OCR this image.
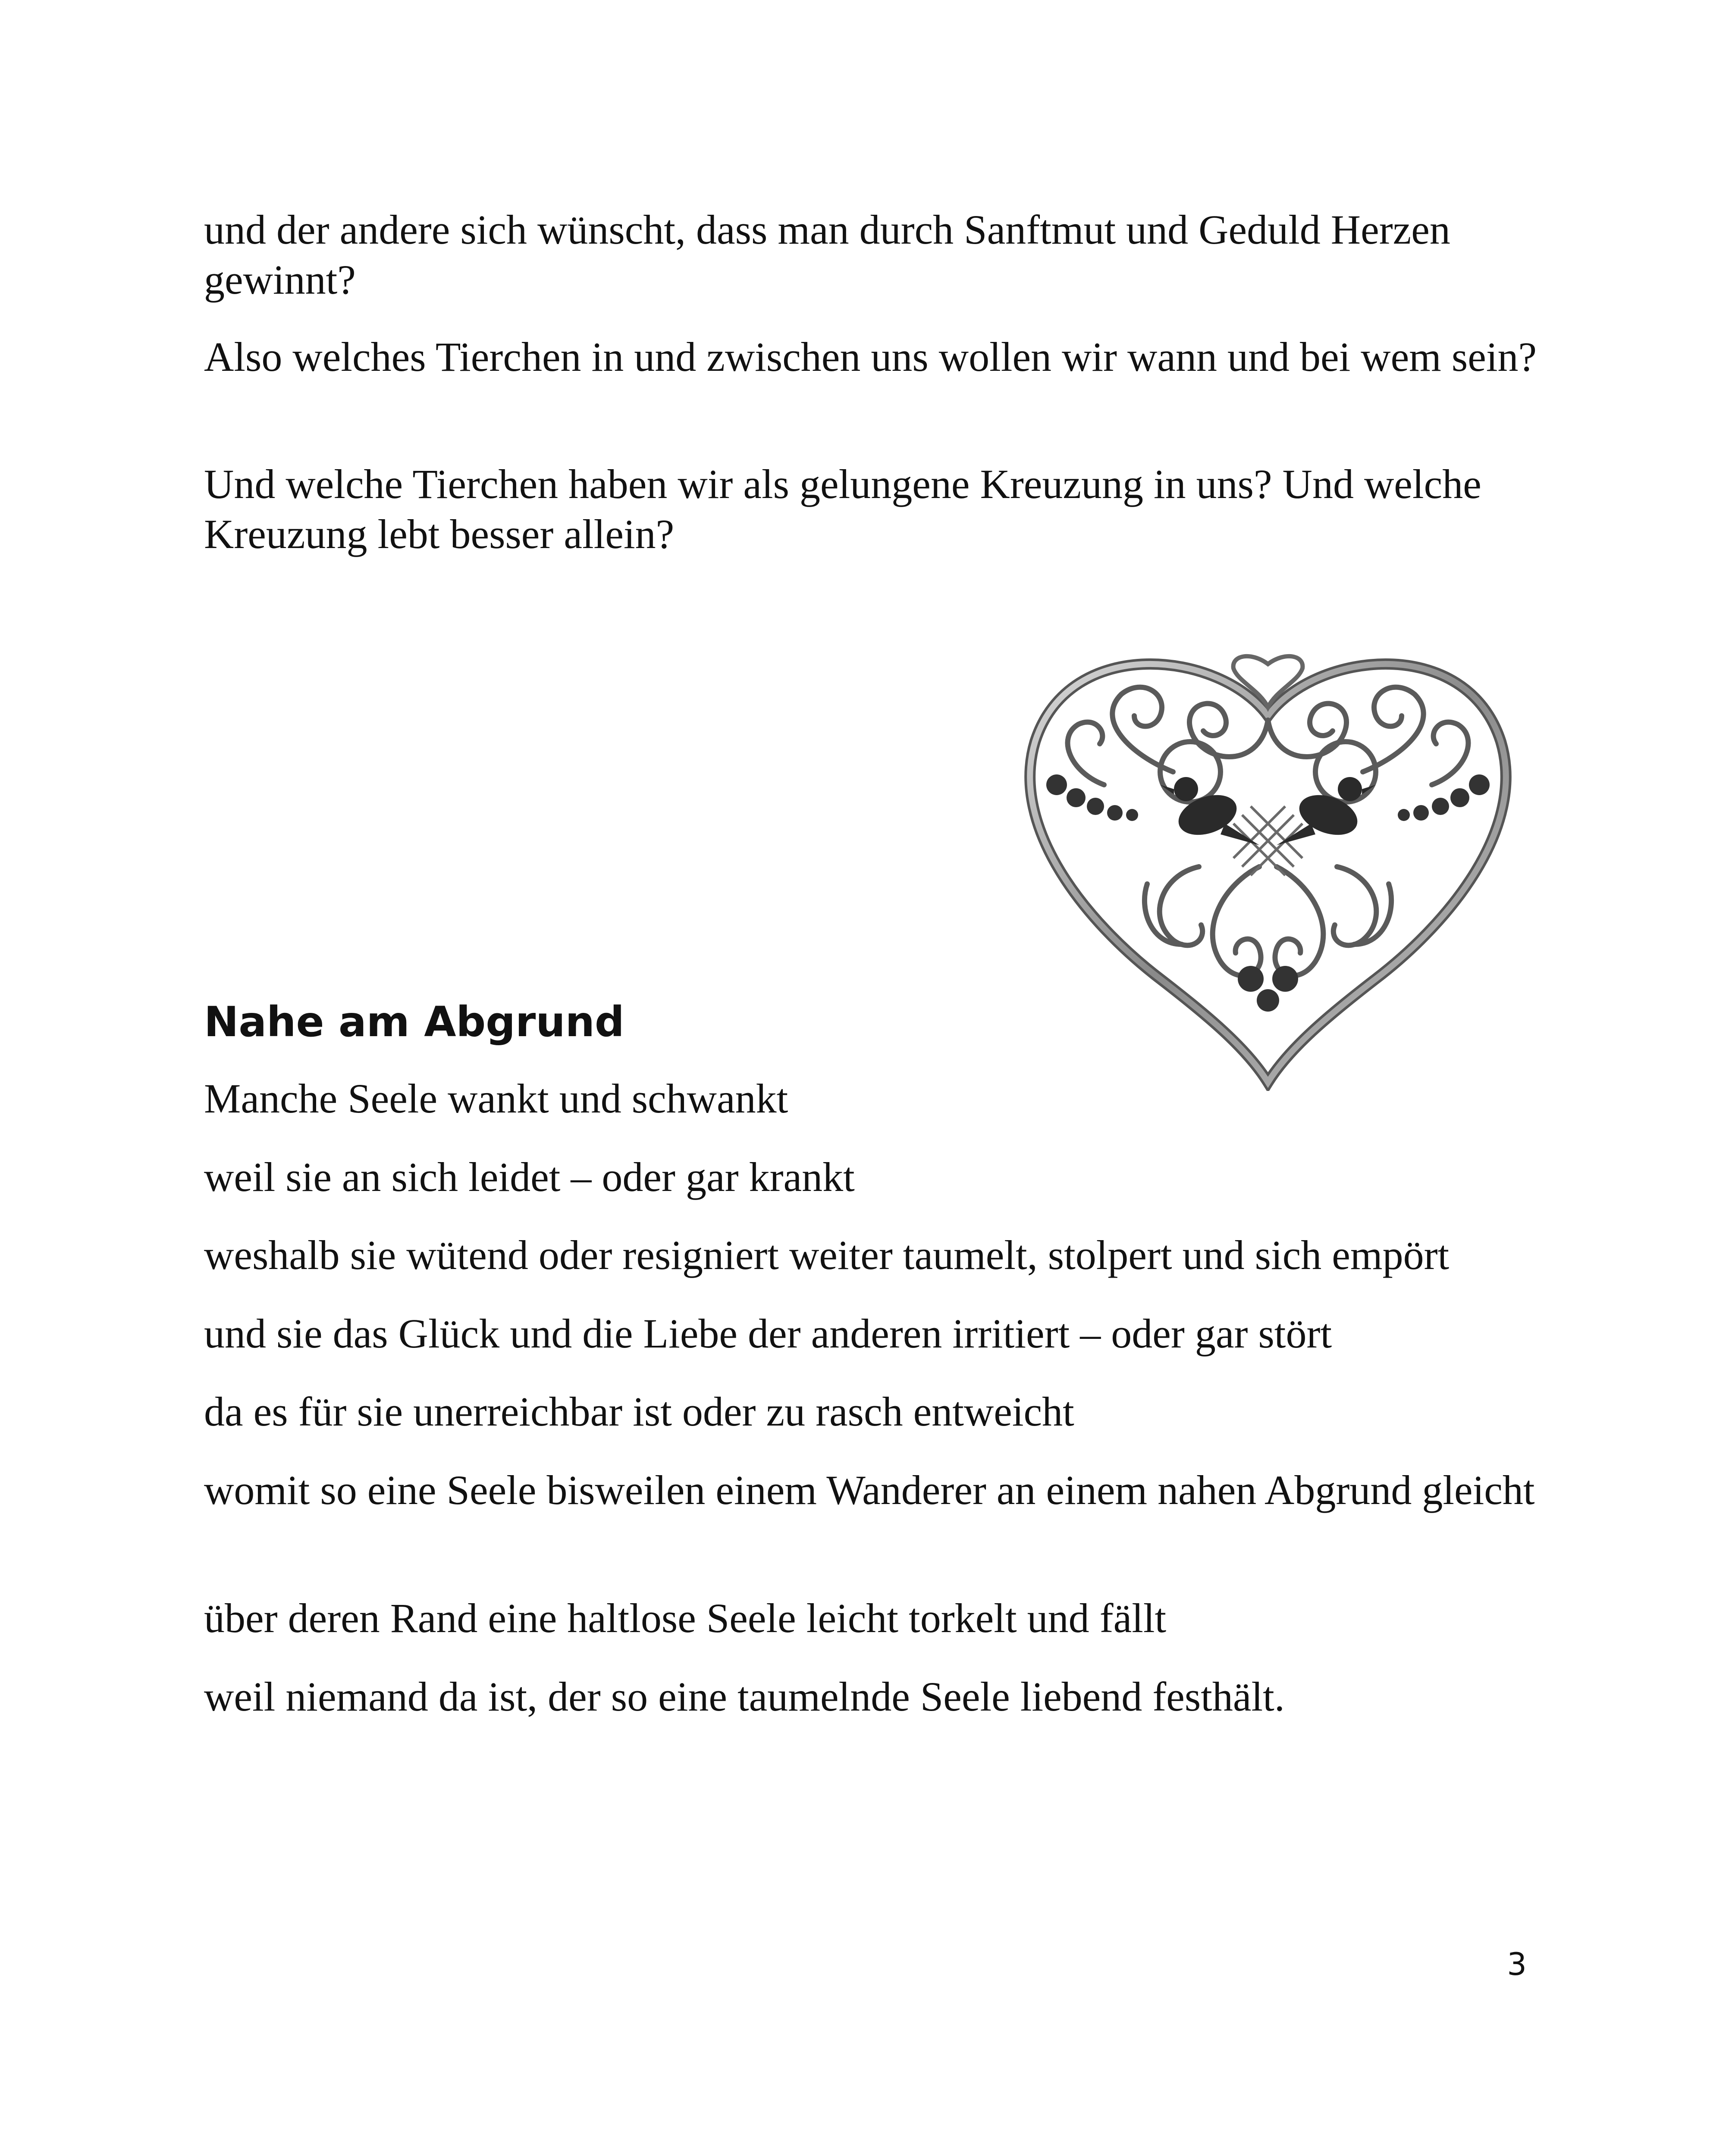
und der andere sich wünscht, dass man durch Sanftmut und Geduld Herzen gewinnt?

Also welches Tierchen in und zwischen uns wollen wir wann und bei wem sein?

Und welche Tierchen haben wir als gelungene Kreuzung in uns? Und welche Kreuzung lebt besser allein?

Nahe am Abgrund

Manche Seele wankt und schwankt

weil sie an sich leidet – oder gar krankt

weshalb sie wütend oder resigniert weiter taumelt, stolpert und sich empört

und sie das Glück und die Liebe der anderen irritiert – oder gar stört

da es für sie unerreichbar ist oder zu rasch entweicht

womit so eine Seele bisweilen einem Wanderer an einem nahen Abgrund gleicht

über deren Rand eine haltlose Seele leicht torkelt und fällt

weil niemand da ist, der so eine taumelnde Seele liebend festhält.

3
